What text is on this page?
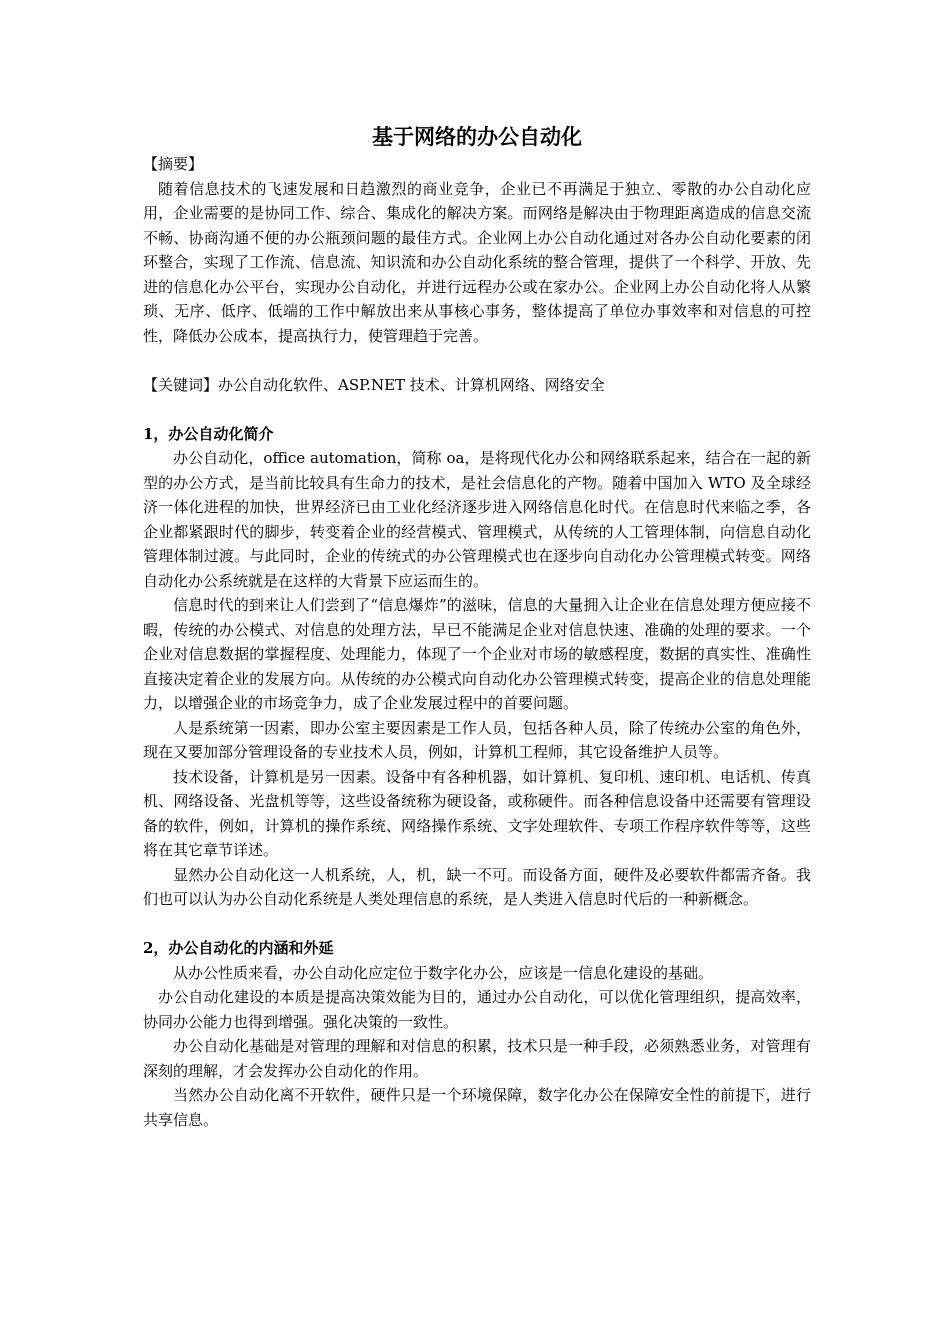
基于网络的办公自动化

【摘要】

随着信息技术的飞速发展和日趋激烈的商业竞争，企业已不再满足于独立、零散的办公自动化应用，企业需要的是协同工作、综合、集成化的解决方案。而网络是解决由于物理距离造成的信息交流不畅、协商沟通不便的办公瓶颈问题的最佳方式。企业网上办公自动化通过对各办公自动化要素的闭环整合，实现了工作流、信息流、知识流和办公自动化系统的整合管理，提供了一个科学、开放、先进的信息化办公平台，实现办公自动化，并进行远程办公或在家办公。企业网上办公自动化将人从繁琐、无序、低序、低端的工作中解放出来从事核心事务，整体提高了单位办事效率和对信息的可控性，降低办公成本，提高执行力，使管理趋于完善。

【关键词】办公自动化软件、ASP.NET 技术、计算机网络、网络安全

1，办公自动化简介

办公自动化，office automation，简称 oa，是将现代化办公和网络联系起来，结合在一起的新型的办公方式，是当前比较具有生命力的技术，是社会信息化的产物。随着中国加入 WTO 及全球经济一体化进程的加快，世界经济已由工业化经济逐步进入网络信息化时代。在信息时代来临之季，各企业都紧跟时代的脚步，转变着企业的经营模式、管理模式，从传统的人工管理体制，向信息自动化管理体制过渡。与此同时，企业的传统式的办公管理模式也在逐步向自动化办公管理模式转变。网络自动化办公系统就是在这样的大背景下应运而生的。

信息时代的到来让人们尝到了“信息爆炸”的滋味，信息的大量拥入让企业在信息处理方便应接不暇，传统的办公模式、对信息的处理方法，早已不能满足企业对信息快速、准确的处理的要求。一个企业对信息数据的掌握程度、处理能力，体现了一个企业对市场的敏感程度，数据的真实性、准确性直接决定着企业的发展方向。从传统的办公模式向自动化办公管理模式转变，提高企业的信息处理能力，以增强企业的市场竞争力，成了企业发展过程中的首要问题。

人是系统第一因素，即办公室主要因素是工作人员，包括各种人员，除了传统办公室的角色外，现在又要加部分管理设备的专业技术人员，例如，计算机工程师，其它设备维护人员等。

技术设备，计算机是另一因素。设备中有各种机器，如计算机、复印机、速印机、电话机、传真机、网络设备、光盘机等等，这些设备统称为硬设备，或称硬件。而各种信息设备中还需要有管理设备的软件，例如，计算机的操作系统、网络操作系统、文字处理软件、专项工作程序软件等等，这些将在其它章节详述。

显然办公自动化这一人机系统，人，机，缺一不可。而设备方面，硬件及必要软件都需齐备。我们也可以认为办公自动化系统是人类处理信息的系统，是人类进入信息时代后的一种新概念。

2，办公自动化的内涵和外延

从办公性质来看，办公自动化应定位于数字化办公，应该是一信息化建设的基础。

办公自动化建设的本质是提高决策效能为目的，通过办公自动化，可以优化管理组织，提高效率，协同办公能力也得到增强。强化决策的一致性。

办公自动化基础是对管理的理解和对信息的积累，技术只是一种手段，必须熟悉业务，对管理有深刻的理解，才会发挥办公自动化的作用。

当然办公自动化离不开软件，硬件只是一个环境保障，数字化办公在保障安全性的前提下，进行共享信息。
